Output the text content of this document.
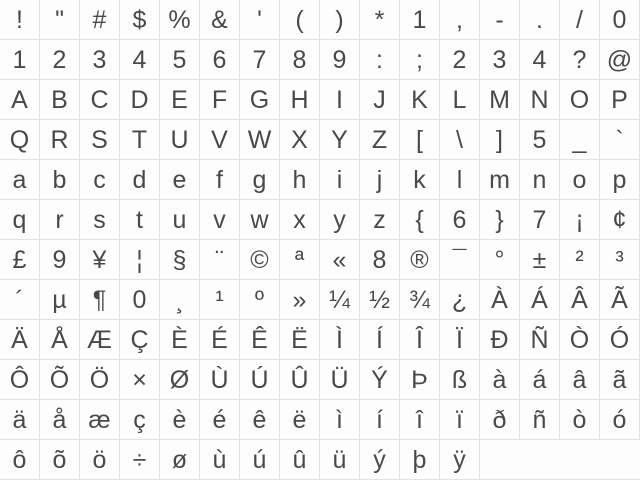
! " # $ % & ' ( ) * 1 , - . / 0
1 2 3 4 5 6 7 8 9 : ; 2 3 4 ? @
A B C D E F G H I J K L M N O P
Q R S T U V W X Y Z [ \ ] 5 _ `
a b c d e f g h i j k l m n o p
q r s t u v w x y z { 6 } 7 ¡ ¢
£ 9 ¥ ¦ § ¨ © ª « 8 ® ¯ ° ± ² ³
´ µ ¶ 0 ¸ ¹ º » ¼ ½ ¾ ¿ À Á Â Ã
Ä Å Æ Ç È É Ê Ë Ì Í Î Ï Ð Ñ Ò Ó
Ô Õ Ö × Ø Ù Ú Û Ü Ý Þ ß à á â ã
ä å æ ç è é ê ë ì í î ï ð ñ ò ó
ô õ ö ÷ ø ù ú û ü ý þ ÿ
